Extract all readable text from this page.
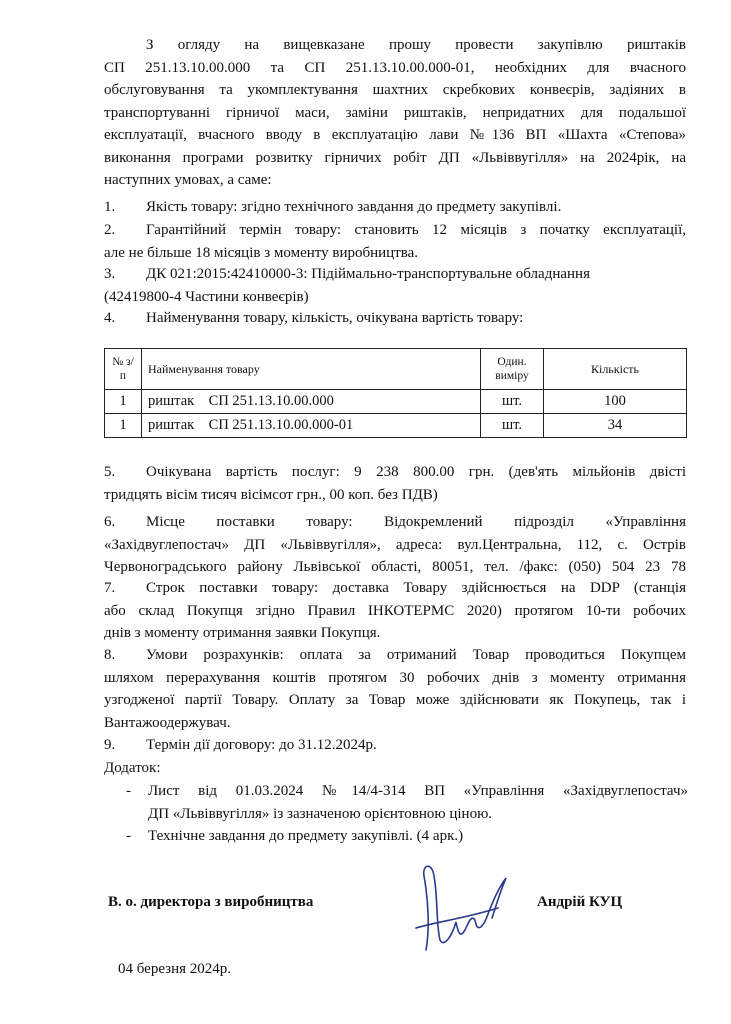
З огляду на вищевказане прошу провести закупівлю риштаків
СП 251.13.10.00.000 та СП 251.13.10.00.000-01, необхідних для вчасного
обслуговування та укомплектування шахтних скребкових конвеєрів, задіяних в
транспортуванні гірничої маси, заміни риштаків, непридатних для подальшої
експлуатації, вчасного вводу в експлуатацію лави №136 ВП «Шахта «Степова»
виконання програми розвитку гірничих робіт ДП «Львіввугілля» на 2024рік, на
наступних умовах, а саме:
1. Якість товару: згідно технічного завдання до предмету закупівлі.
2. Гарантійний термін товару: становить 12 місяців з початку експлуатації,
але не більше 18 місяців з моменту виробництва.
3. ДК 021:2015:42410000-3: Підіймально-транспортувальне обладнання
(42419800-4 Частини конвеєрів)
4. Найменування товару, кількість, очікувана вартість товару:
№ з/п	Найменування товару	Один. виміру	Кількість
1	риштак    СП 251.13.10.00.000	шт.	100
1	риштак    СП 251.13.10.00.000-01	шт.	34
5. Очікувана вартість послуг: 9 238 800.00 грн. (дев'ять мільйонів двісті
тридцять вісім тисяч вісімсот грн., 00 коп. без ПДВ)
6. Місце поставки товару: Відокремлений підрозділ «Управління
«Західвуглепостач» ДП «Львіввугілля», адреса: вул.Центральна, 112, с. Острів
Червоноградського району Львівської області, 80051, тел. /факс: (050) 504 23 78
7. Строк поставки товару: доставка Товару здійснюється на DDP (станція
або склад Покупця згідно Правил ІНКОТЕРМС 2020) протягом 10-ти робочих
днів з моменту отримання заявки Покупця.
8. Умови розрахунків: оплата за отриманий Товар проводиться Покупцем
шляхом перерахування коштів протягом 30 робочих днів з моменту отримання
узгодженої партії Товару. Оплату за Товар може здійснювати як Покупець, так і
Вантажоодержувач.
9. Термін дії договору: до 31.12.2024р.
Додаток:
- Лист від 01.03.2024 №14/4-314 ВП «Управління «Західвуглепостач»
ДП «Львіввугілля» із зазначеною орієнтовною ціною.
- Технічне завдання до предмету закупівлі. (4 арк.)
В. о. директора з виробництва	Андрій КУЦ
04 березня 2024р.
